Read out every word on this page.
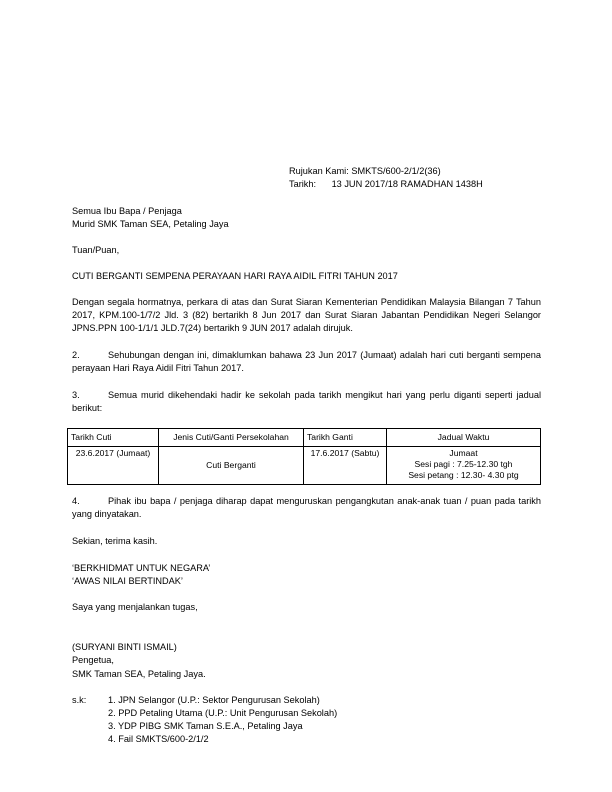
Rujukan Kami: SMKTS/600-2/1/2(36)
Tarikh: 13 JUN 2017/18 RAMADHAN 1438H
Semua Ibu Bapa / Penjaga
Murid SMK Taman SEA, Petaling Jaya
Tuan/Puan,
CUTI BERGANTI SEMPENA PERAYAAN HARI RAYA AIDIL FITRI TAHUN 2017
Dengan segala hormatnya, perkara di atas dan Surat Siaran Kementerian Pendidikan Malaysia Bilangan 7 Tahun 2017, KPM.100-1/7/2 Jld. 3 (82) bertarikh 8 Jun 2017 dan Surat Siaran Jabantan Pendidikan Negeri Selangor JPNS.PPN 100-1/1/1 JLD.7(24) bertarikh 9 JUN 2017 adalah dirujuk.
2.	Sehubungan dengan ini, dimaklumkan bahawa 23 Jun 2017 (Jumaat) adalah hari cuti berganti sempena perayaan Hari Raya Aidil Fitri Tahun 2017.
3.	Semua murid dikehendaki hadir ke sekolah pada tarikh mengikut hari yang perlu diganti seperti jadual berikut:
Tarikh Cuti	Jenis Cuti/Ganti Persekolahan	Tarikh Ganti	Jadual Waktu
23.6.2017 (Jumaat)	Cuti Berganti	17.6.2017 (Sabtu)	Jumaat
Sesi pagi : 7.25-12.30 tgh
Sesi petang : 12.30- 4.30 ptg
4.	Pihak ibu bapa / penjaga diharap dapat menguruskan pengangkutan anak-anak tuan / puan pada tarikh yang dinyatakan.
Sekian, terima kasih.
‘BERKHIDMAT UNTUK NEGARA’
‘AWAS NILAI BERTINDAK’
Saya yang menjalankan tugas,
(SURYANI BINTI ISMAIL)
Pengetua,
SMK Taman SEA, Petaling Jaya.
s.k: 1. JPN Selangor (U.P.: Sektor Pengurusan Sekolah)
2. PPD Petaling Utama (U.P.: Unit Pengurusan Sekolah)
3. YDP PIBG SMK Taman S.E.A., Petaling Jaya
4. Fail SMKTS/600-2/1/2
